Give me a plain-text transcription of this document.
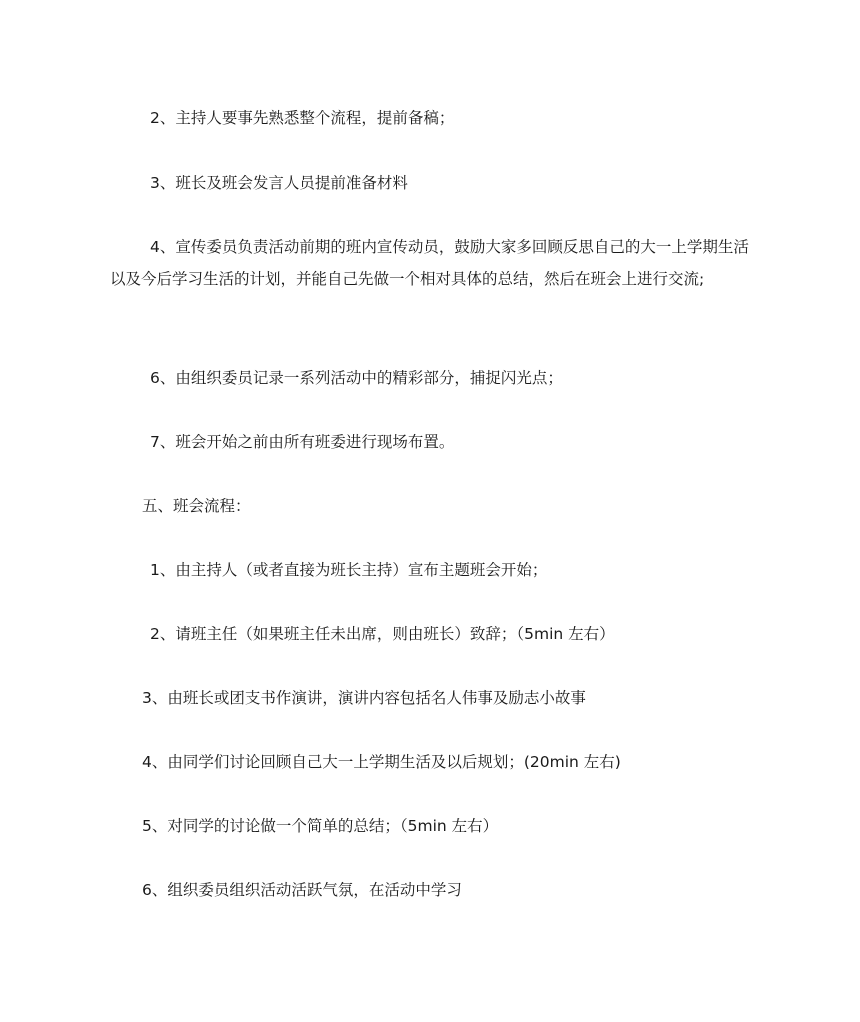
2、主持人要事先熟悉整个流程，提前备稿；

3、班长及班会发言人员提前准备材料

4、宣传委员负责活动前期的班内宣传动员，鼓励大家多回顾反思自己的大一上学期生活以及今后学习生活的计划，并能自己先做一个相对具体的总结，然后在班会上进行交流;

6、由组织委员记录一系列活动中的精彩部分，捕捉闪光点；

7、班会开始之前由所有班委进行现场布置。

五、班会流程：

1、由主持人（或者直接为班长主持）宣布主题班会开始；

2、请班主任（如果班主任未出席，则由班长）致辞；（5min 左右）

3、由班长或团支书作演讲，演讲内容包括名人伟事及励志小故事

4、由同学们讨论回顾自己大一上学期生活及以后规划；(20min 左右)

5、对同学的讨论做一个简单的总结；（5min 左右）

6、组织委员组织活动活跃气氛，在活动中学习
